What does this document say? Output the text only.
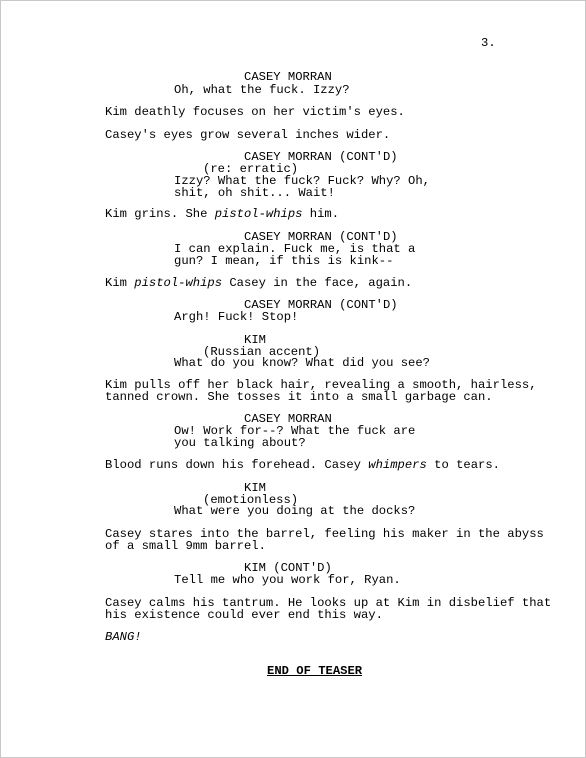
3.
CASEY MORRAN
Oh, what the fuck. Izzy?
Kim deathly focuses on her victim's eyes.
Casey's eyes grow several inches wider.
CASEY MORRAN (CONT'D)
(re: erratic)
Izzy? What the fuck? Fuck? Why? Oh,
shit, oh shit... Wait!
Kim grins. She pistol-whips him.
CASEY MORRAN (CONT'D)
I can explain. Fuck me, is that a
gun? I mean, if this is kink--
Kim pistol-whips Casey in the face, again.
CASEY MORRAN (CONT'D)
Argh! Fuck! Stop!
KIM
(Russian accent)
What do you know? What did you see?
Kim pulls off her black hair, revealing a smooth, hairless,
tanned crown. She tosses it into a small garbage can.
CASEY MORRAN
Ow! Work for--? What the fuck are
you talking about?
Blood runs down his forehead. Casey whimpers to tears.
KIM
(emotionless)
What were you doing at the docks?
Casey stares into the barrel, feeling his maker in the abyss
of a small 9mm barrel.
KIM (CONT'D)
Tell me who you work for, Ryan.
Casey calms his tantrum. He looks up at Kim in disbelief that
his existence could ever end this way.
BANG!
END OF TEASER
